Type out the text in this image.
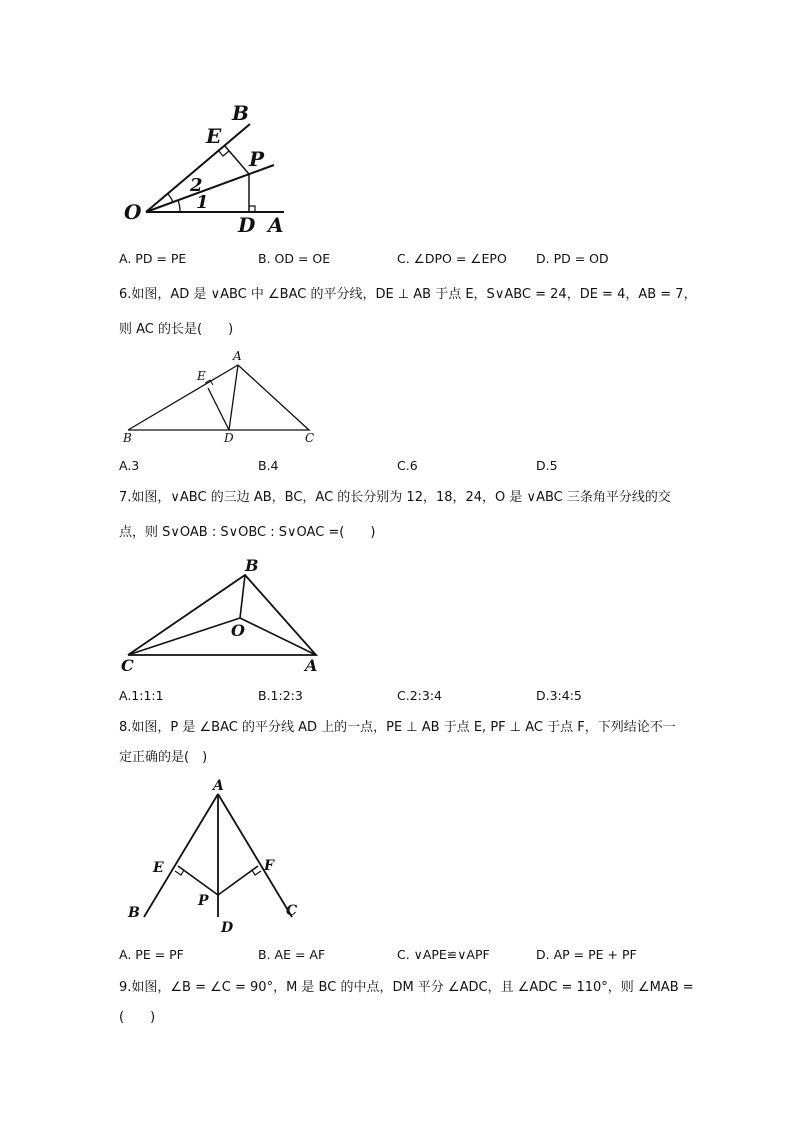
B
E
P
2
1
O
D A
A. PD = PE	B. OD = OE	C. ∠DPO = ∠EPO D. PD = OD
6.如图，AD 是 ∨ABC 中 ∠BAC 的平分线，DE ⊥ AB 于点 E，S∨ABC = 24，DE = 4，AB = 7，
则 AC 的长是(　　)
A
E
B	D	C
A.3	B.4	C.6	D.5
7.如图，∨ABC 的三边 AB，BC，AC 的长分别为 12，18，24，O 是 ∨ABC 三条角平分线的交
点，则 S∨OAB : S∨OBC : S∨OAC =(　　)
B
O
C	A
A.1:1:1	B.1:2:3	C.2:3:4	D.3:4:5
8.如图，P 是 ∠BAC 的平分线 AD 上的一点，PE ⊥ AB 于点 E, PF ⊥ AC 于点 F，下列结论不一
定正确的是(　)
A
E	F
P
B
D
C
A. PE = PF	B. AE = AF	C. ∨APE≌∨APF	D. AP = PE + PF
9.如图，∠B = ∠C = 90°，M 是 BC 的中点，DM 平分 ∠ADC，且 ∠ADC = 110°，则 ∠MAB =
(　　)
